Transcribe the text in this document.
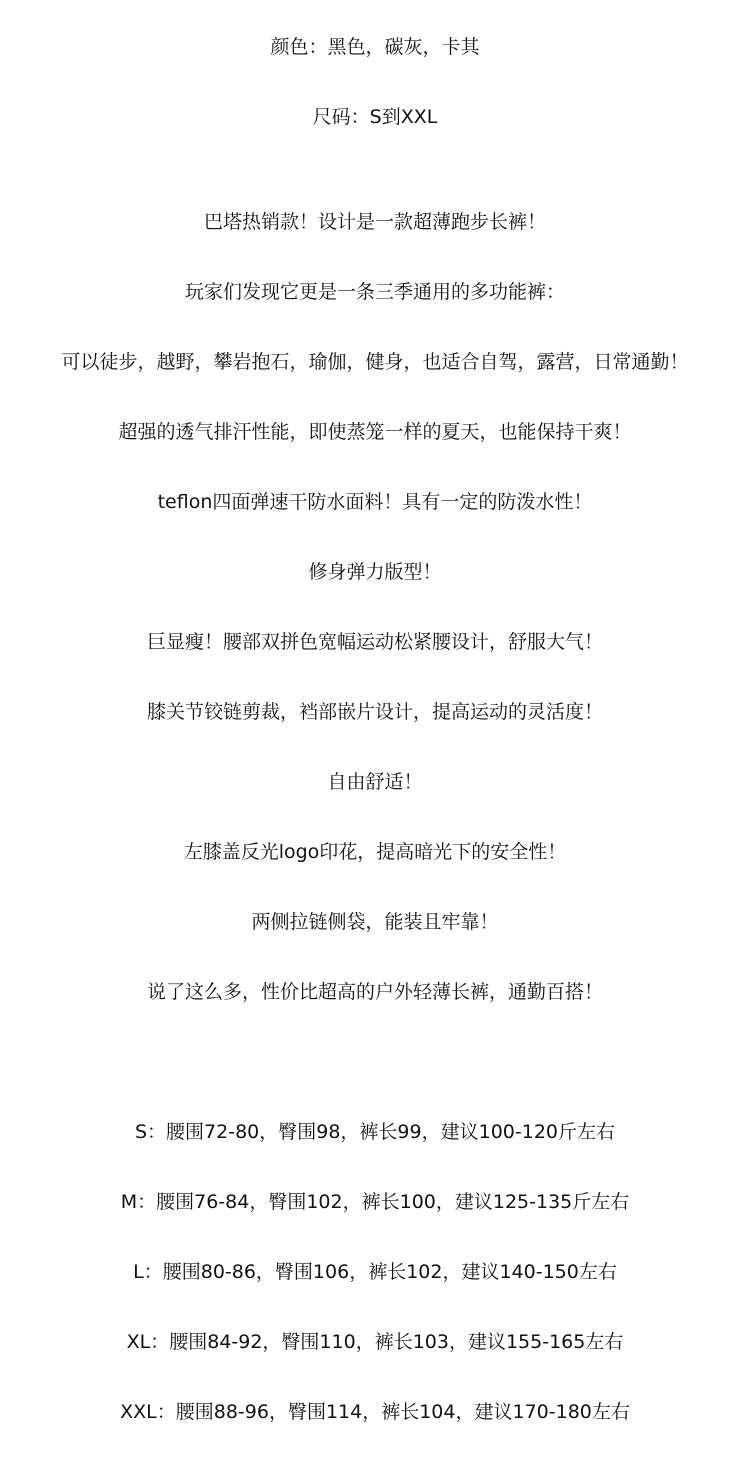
颜色：黑色，碳灰，卡其
尺码：S到XXL
巴塔热销款！设计是一款超薄跑步长裤！
玩家们发现它更是一条三季通用的多功能裤：
可以徒步，越野，攀岩抱石，瑜伽，健身，也适合自驾，露营，日常通勤！
超强的透气排汗性能，即使蒸笼一样的夏天，也能保持干爽！
teflon四面弹速干防水面料！具有一定的防泼水性！
修身弹力版型！
巨显瘦！腰部双拼色宽幅运动松紧腰设计，舒服大气！
膝关节铰链剪裁，裆部嵌片设计，提高运动的灵活度！
自由舒适！
左膝盖反光logo印花，提高暗光下的安全性！
两侧拉链侧袋，能装且牢靠！
说了这么多，性价比超高的户外轻薄长裤，通勤百搭！
S：腰围72-80，臀围98，裤长99，建议100-120斤左右
M：腰围76-84，臀围102，裤长100，建议125-135斤左右
L：腰围80-86，臀围106，裤长102，建议140-150左右
XL：腰围84-92，臀围110，裤长103，建议155-165左右
XXL：腰围88-96，臀围114，裤长104，建议170-180左右
